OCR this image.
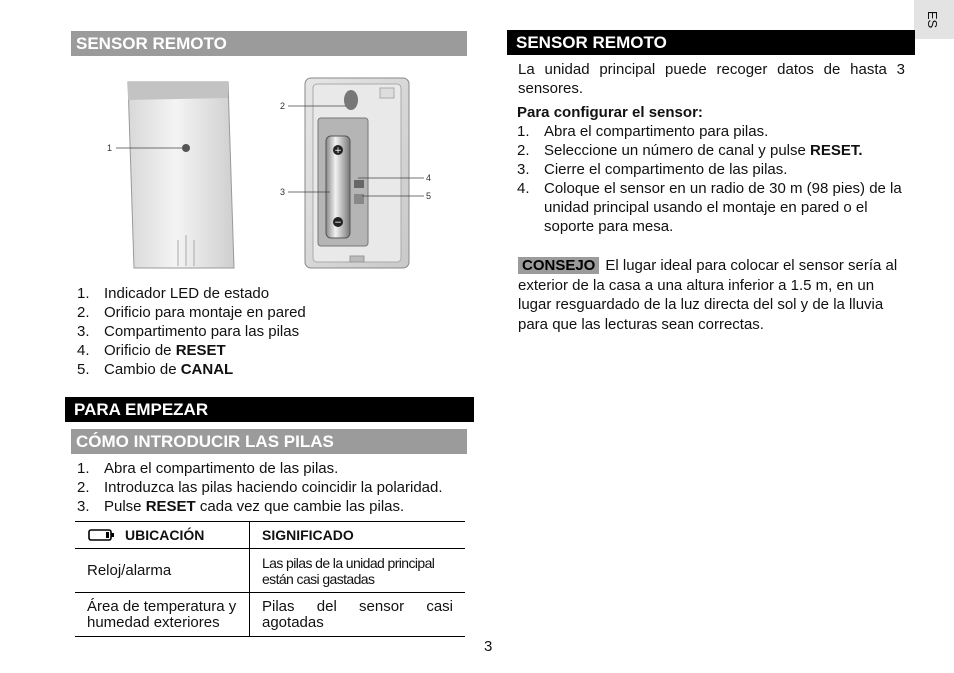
ES
SENSOR REMOTO
+
−
1
2
3
4
5
1. Indicador LED de estado
2. Orificio para montaje en pared
3. Compartimento para las pilas
4. Orificio de RESET
5. Cambio de CANAL
PARA EMPEZAR
CÓMO INTRODUCIR LAS PILAS
1. Abra el compartimento de las pilas.
2. Introduzca las pilas haciendo coincidir la polaridad.
3. Pulse RESET cada vez que cambie las pilas.
UBICACIÓN	SIGNIFICADO
Reloj/alarma	Las pilas de la unidad principal están casi gastadas
Área de temperatura y humedad exteriores	Pilas del sensor casi agotadas
SENSOR REMOTO
La unidad principal puede recoger datos de hasta 3 sensores.
Para configurar el sensor:
1. Abra el compartimento para pilas.
2. Seleccione un número de canal y pulse RESET.
3. Cierre el compartimento de las pilas.
4. Coloque el sensor en un radio de 30 m (98 pies) de la unidad principal usando el montaje en pared o el soporte para mesa.
CONSEJO El lugar ideal para colocar el sensor sería al exterior de la casa a una altura inferior a 1.5 m, en un lugar resguardado de la luz directa del sol y de la lluvia para que las lecturas sean correctas.
3
